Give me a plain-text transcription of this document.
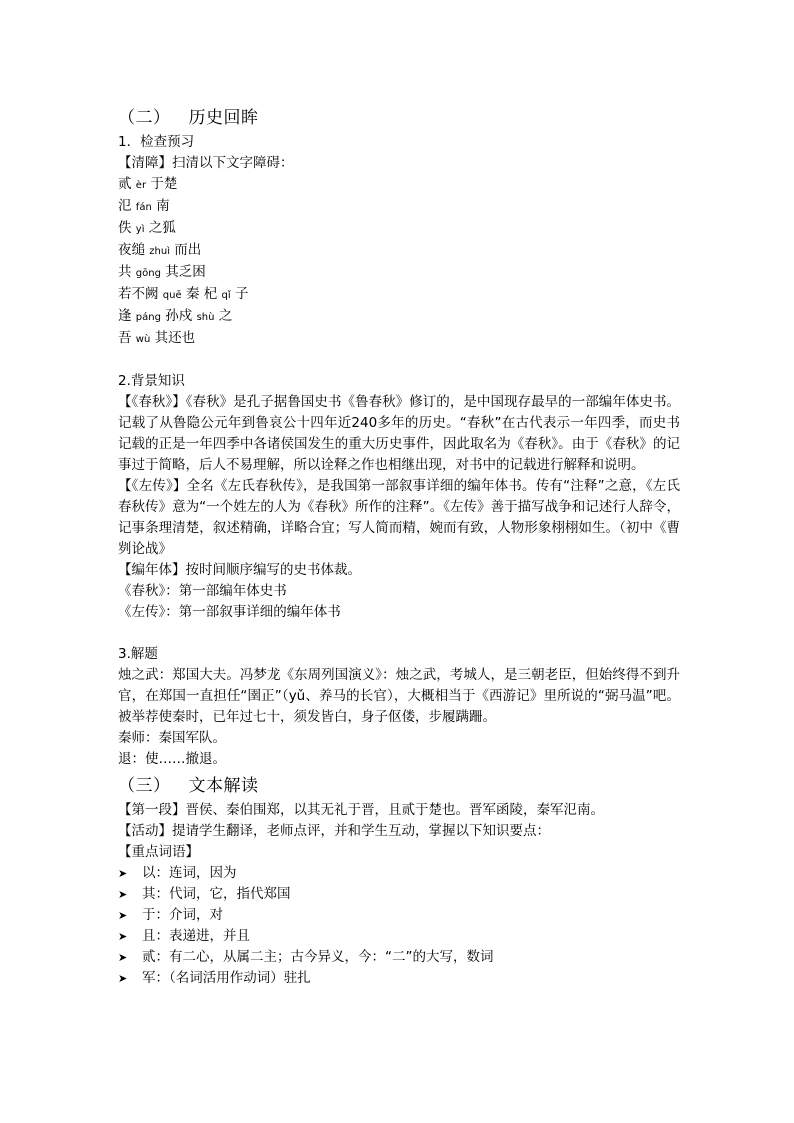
（二） 历史回眸
1．检查预习
【清障】扫清以下文字障碍：
贰 èr 于楚
氾 fán 南
佚 yì 之狐
夜缒 zhuì 而出
共 gōng 其乏困
若不阙 quē 秦 杞 qǐ 子
逢 páng 孙戍 shù 之
吾 wù 其还也
2.背景知识
【《春秋》】《春秋》是孔子据鲁国史书《鲁春秋》修订的，是中国现存最早的一部编年体史书。记载了从鲁隐公元年到鲁哀公十四年近240多年的历史。“春秋”在古代表示一年四季，而史书记载的正是一年四季中各诸侯国发生的重大历史事件，因此取名为《春秋》。由于《春秋》的记事过于简略，后人不易理解，所以诠释之作也相继出现，对书中的记载进行解释和说明。
【《左传》】全名《左氏春秋传》，是我国第一部叙事详细的编年体书。传有“注释”之意，《左氏春秋传》意为“一个姓左的人为《春秋》所作的注释”。《左传》善于描写战争和记述行人辞令，记事条理清楚，叙述精确，详略合宜；写人简而精，婉而有致，人物形象栩栩如生。（初中《曹刿论战》
【编年体】按时间顺序编写的史书体裁。
《春秋》：第一部编年体史书
《左传》：第一部叙事详细的编年体书
3.解题
烛之武：郑国大夫。冯梦龙《东周列国演义》：烛之武，考城人，是三朝老臣，但始终得不到升官，在郑国一直担任“圉正”（yǔ、养马的长官），大概相当于《西游记》里所说的“弼马温”吧。被举荐使秦时，已年过七十，须发皆白，身子伛偻，步履蹒跚。
秦师：秦国军队。
退：使……撤退。
（三） 文本解读
【第一段】晋侯、秦伯围郑，以其无礼于晋，且贰于楚也。晋军函陵，秦军氾南。
【活动】提请学生翻译，老师点评，并和学生互动，掌握以下知识要点：
【重点词语】
➤	以：连词，因为
➤	其：代词，它，指代郑国
➤	于：介词，对
➤	且：表递进，并且
➤	贰：有二心，从属二主；古今异义，今：“二”的大写，数词
➤	军：（名词活用作动词）驻扎
